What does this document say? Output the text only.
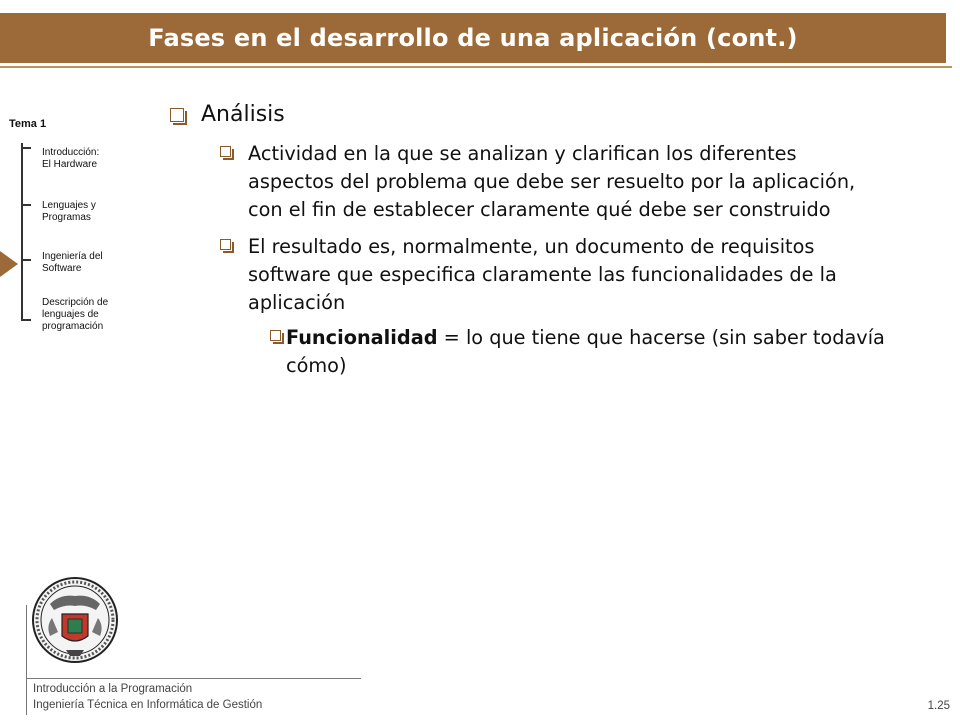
Fases en el desarrollo de una aplicación (cont.)
Tema 1
Introducción:
El Hardware
Lenguajes y
Programas
Ingeniería del
Software
Descripción de
lenguajes de
programación
Análisis
Actividad en la que se analizan y clarifican los diferentes aspectos del problema que debe ser resuelto por la aplicación, con el fin de establecer claramente qué debe ser construido
El resultado es, normalmente, un documento de requisitos software que especifica claramente las funcionalidades de la aplicación
Funcionalidad = lo que tiene que hacerse (sin saber todavía cómo)
Introducción a la Programación
Ingeniería Técnica en Informática de Gestión	1.25
